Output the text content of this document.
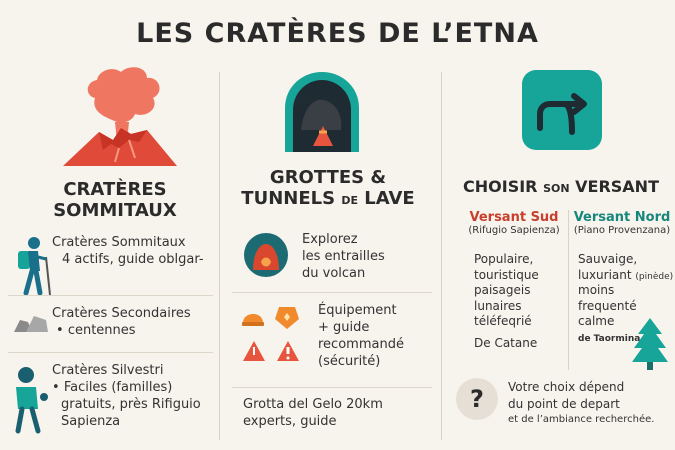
LES CRATÈRES DE L’ETNA
CRATÈRES
SOMMITAUX
Cratères Sommitaux
4 actifs, guide oblɡar-
Cratères Secondaires
• centennes
Cratères Silvestri
• Faciles (familles)
gratuits, près Rifiguio
Sapienza
GROTTES &
TUNNELS DE LAVE
Explorez
les entrailles
du volcan
Équipement
+ guide
recommandé
(sécurité)
Grotta del Gelo 20km
experts, guide
CHOISIR SON VERSANT
Versant Sud
(Rifugio Sapienza)
Populaire,
touristique
paisageis
lunaires
téléfeqrié
De Catane
Versant Nord
(Piano Provenzana)
Sauvaige,
luxuriant (pinède)
moins
frequenté
calme
de Taormina
?	Votre choix dépend
du point de depart
et de l’ambiance recherchée.
